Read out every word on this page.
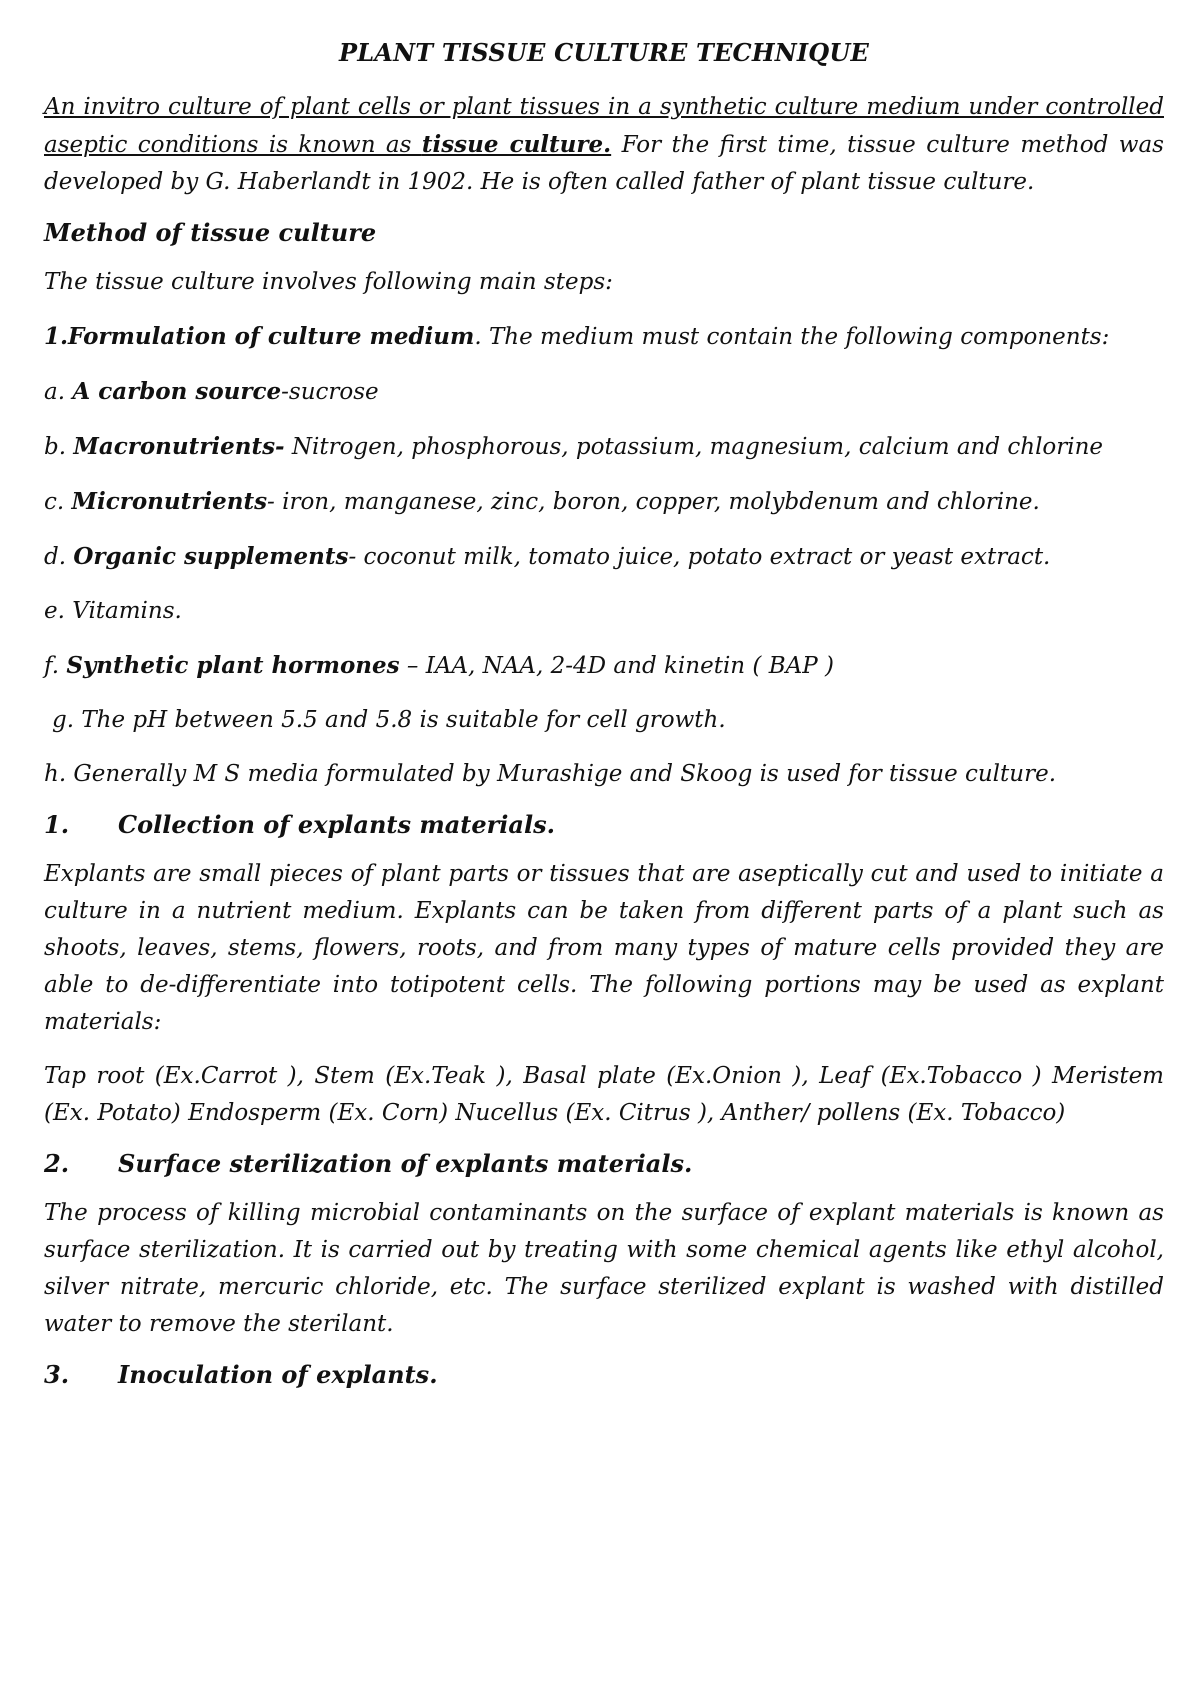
PLANT TISSUE CULTURE TECHNIQUE

An invitro culture of plant cells or plant tissues in a synthetic culture medium under controlled aseptic conditions is known as tissue culture. For the first time, tissue culture method was developed by G. Haberlandt in 1902. He is often called father of plant tissue culture.

Method of tissue culture

The tissue culture involves following main steps:

1.Formulation of culture medium. The medium must contain the following components:

a. A carbon source-sucrose

b. Macronutrients- Nitrogen, phosphorous, potassium, magnesium, calcium and chlorine

c. Micronutrients- iron, manganese, zinc, boron, copper, molybdenum and chlorine.

d. Organic supplements- coconut milk, tomato juice, potato extract or yeast extract.

e. Vitamins.

f. Synthetic plant hormones – IAA, NAA, 2-4D and kinetin ( BAP )

g. The pH between 5.5 and 5.8 is suitable for cell growth.

h. Generally M S media formulated by Murashige and Skoog is used for tissue culture.

1.	Collection of explants materials.

Explants are small pieces of plant parts or tissues that are aseptically cut and used to initiate a culture in a nutrient medium. Explants can be taken from different parts of a plant such as shoots, leaves, stems, flowers, roots, and from many types of mature cells provided they are able to de-differentiate into totipotent cells. The following portions may be used as explant materials:

Tap root (Ex.Carrot ), Stem (Ex.Teak ), Basal plate (Ex.Onion ), Leaf (Ex.Tobacco ) Meristem (Ex. Potato) Endosperm (Ex. Corn) Nucellus (Ex. Citrus ), Anther/ pollens (Ex. Tobacco)

2.	Surface sterilization of explants materials.

The process of killing microbial contaminants on the surface of explant materials is known as surface sterilization. It is carried out by treating with some chemical agents like ethyl alcohol, silver nitrate, mercuric chloride, etc. The surface sterilized explant is washed with distilled water to remove the sterilant.

3.	Inoculation of explants.
